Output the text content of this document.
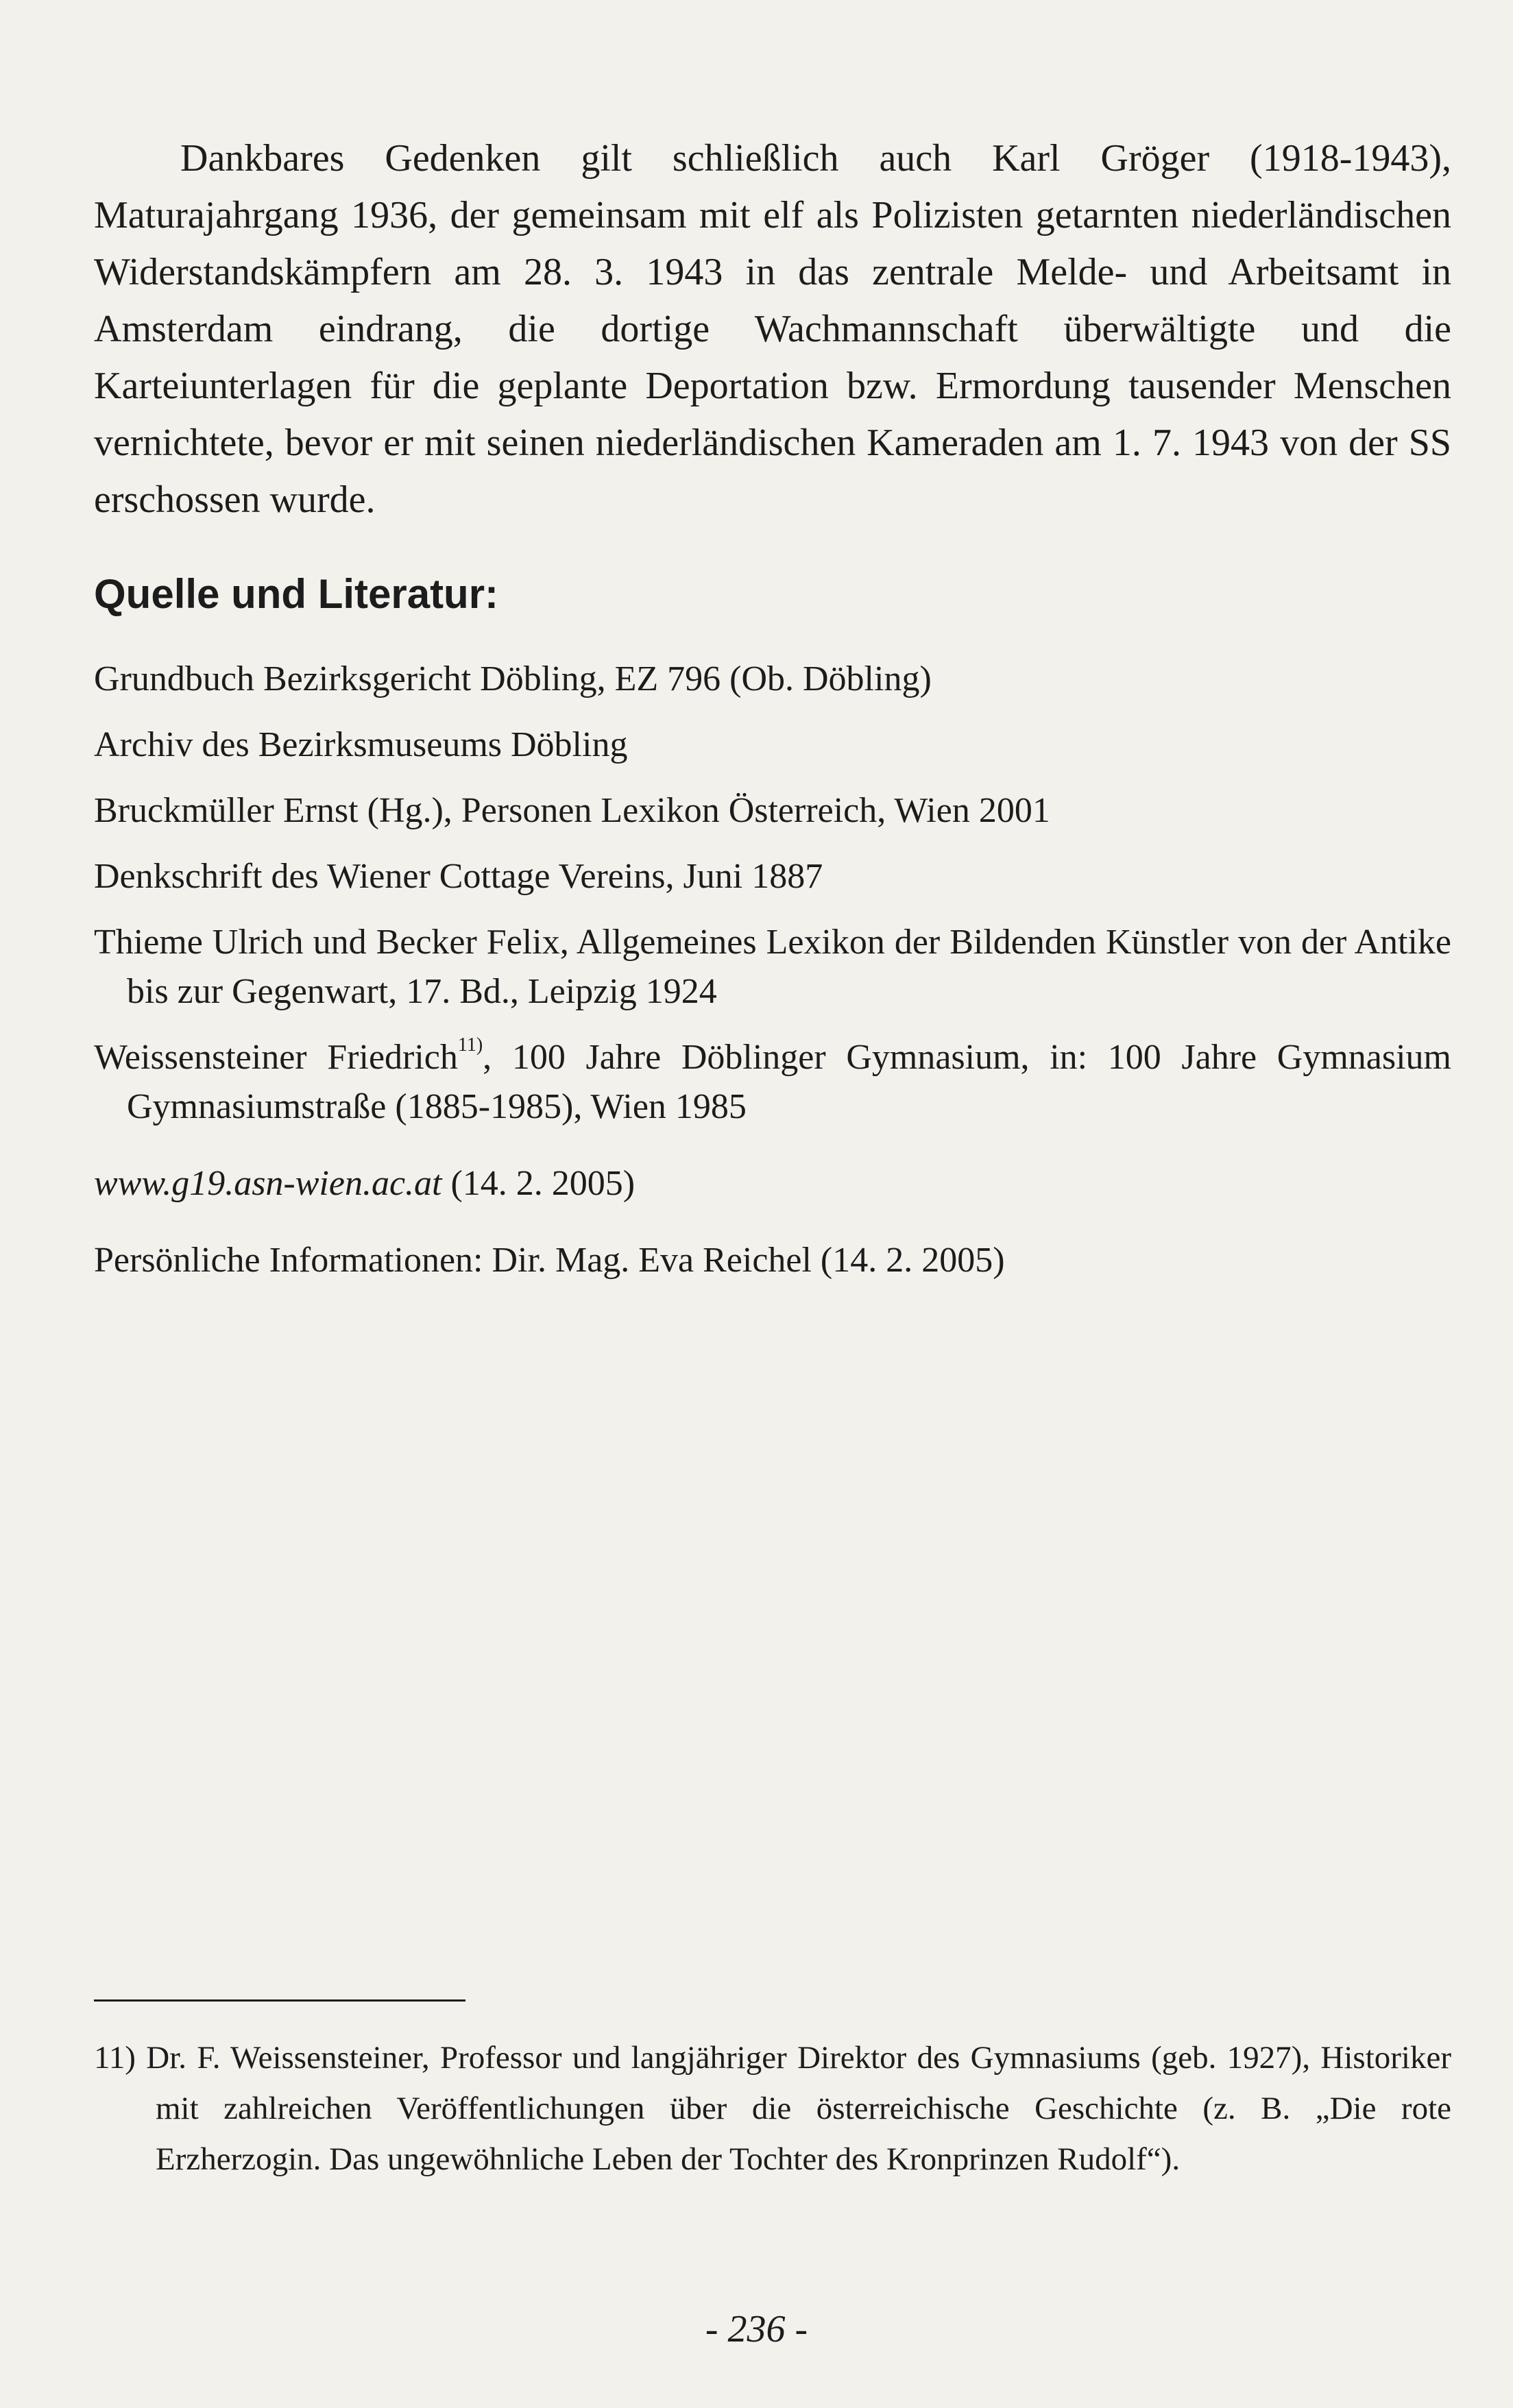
Dankbares Gedenken gilt schließlich auch Karl Gröger (1918-1943), Maturajahrgang 1936, der gemeinsam mit elf als Polizisten getarnten niederländischen Widerstandskämpfern am 28. 3. 1943 in das zentrale Melde- und Arbeitsamt in Amsterdam eindrang, die dortige Wachmannschaft überwältigte und die Karteiunterlagen für die geplante Deportation bzw. Ermordung tausender Menschen vernichtete, bevor er mit seinen niederländischen Kameraden am 1. 7. 1943 von der SS erschossen wurde.

Quelle und Literatur:
Grundbuch Bezirksgericht Döbling, EZ 796 (Ob. Döbling)
Archiv des Bezirksmuseums Döbling
Bruckmüller Ernst (Hg.), Personen Lexikon Österreich, Wien 2001
Denkschrift des Wiener Cottage Vereins, Juni 1887
Thieme Ulrich und Becker Felix, Allgemeines Lexikon der Bildenden Künstler von der Antike bis zur Gegenwart, 17. Bd., Leipzig 1924
Weissensteiner Friedrich$^{11)}$, 100 Jahre Döblinger Gymnasium, in: 100 Jahre Gymnasium Gymnasiumstraße (1885-1985), Wien 1985
www.g19.asn-wien.ac.at (14. 2. 2005)
Persönliche Informationen: Dir. Mag. Eva Reichel (14. 2. 2005)
11) Dr. F. Weissensteiner, Professor und langjähriger Direktor des Gymnasiums (geb. 1927), Historiker mit zahlreichen Veröffentlichungen über die österreichische Geschichte (z. B. „Die rote Erzherzogin. Das ungewöhnliche Leben der Tochter des Kronprinzen Rudolf“).
- 236 -
